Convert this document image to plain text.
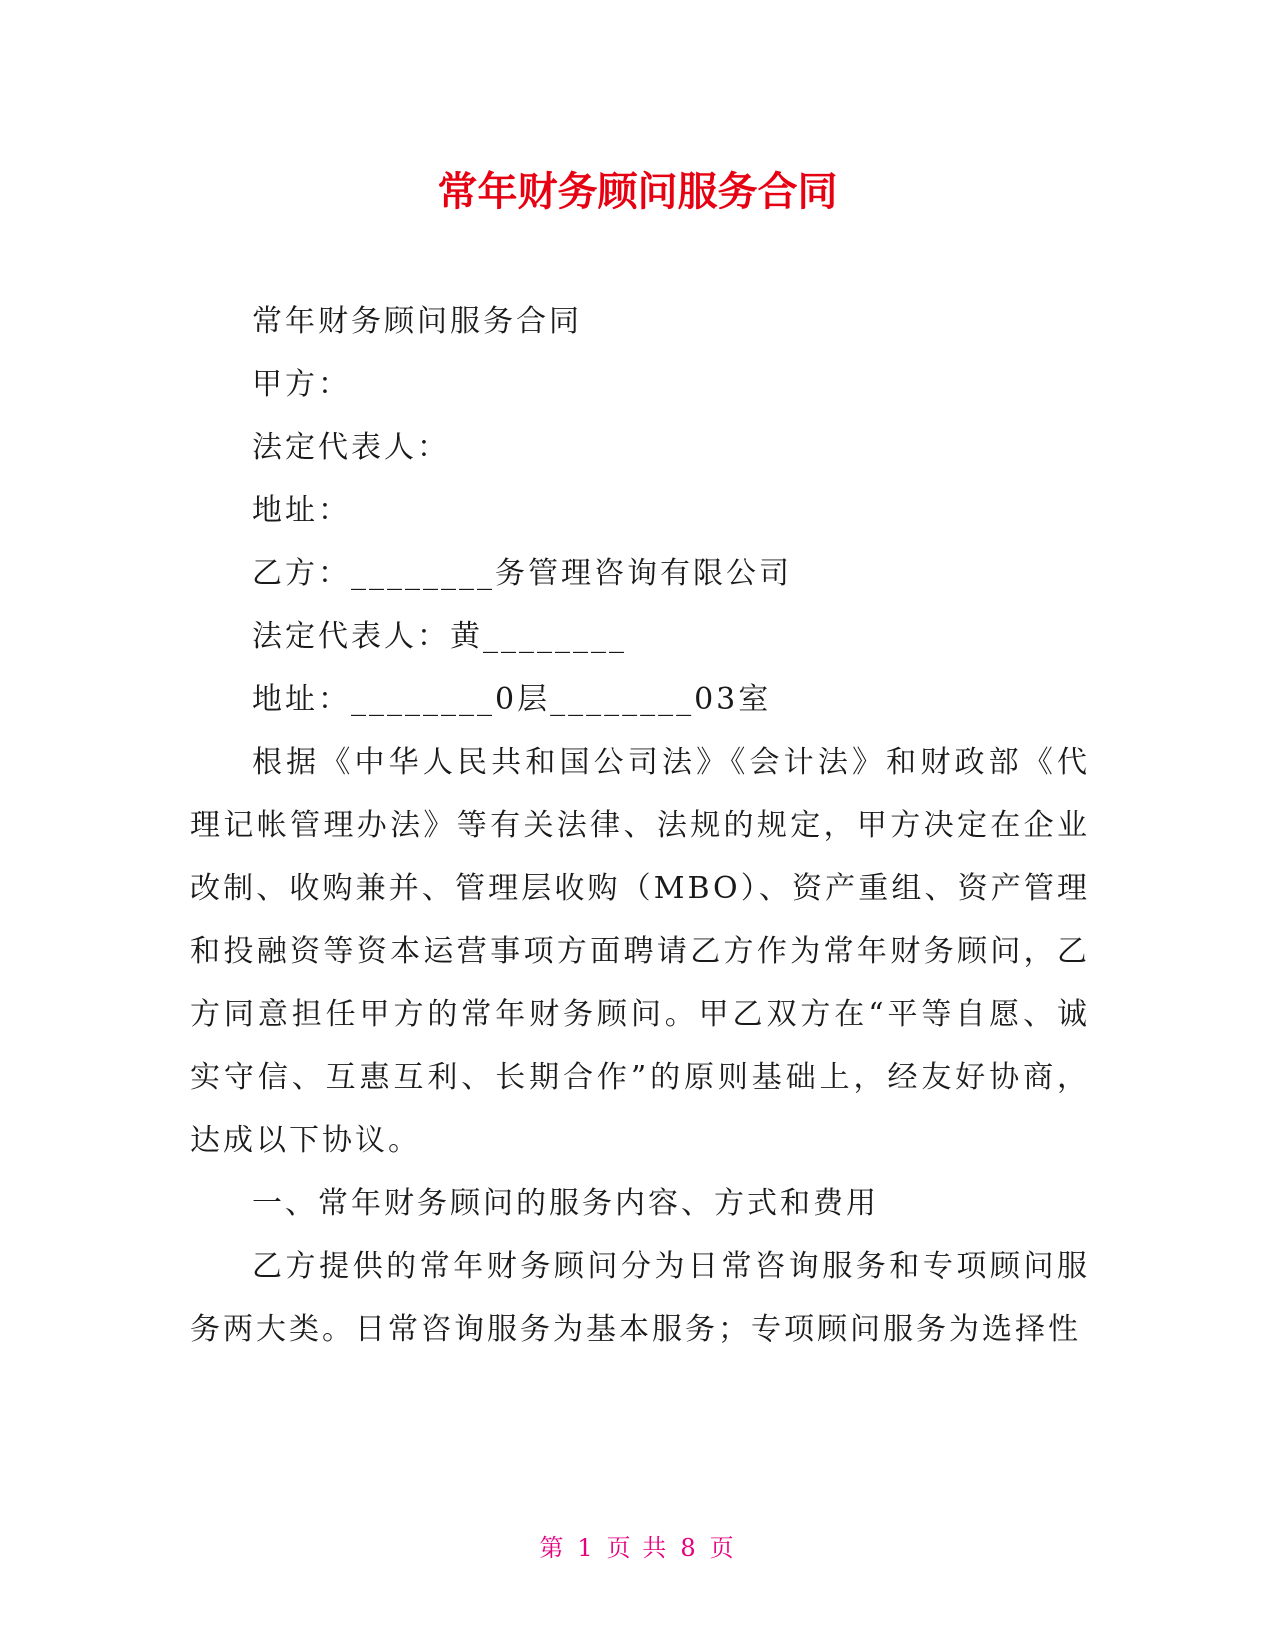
常年财务顾问服务合同

常年财务顾问服务合同

甲方：

法定代表人：

地址：

乙方：________务管理咨询有限公司

法定代表人：黄________

地址：________0层________03室

根据《中华人民共和国公司法》《会计法》和财政部《代理记帐管理办法》等有关法律、法规的规定，甲方决定在企业改制、收购兼并、管理层收购（MBO）、资产重组、资产管理和投融资等资本运营事项方面聘请乙方作为常年财务顾问，乙方同意担任甲方的常年财务顾问。甲乙双方在“平等自愿、诚实守信、互惠互利、长期合作”的原则基础上，经友好协商，达成以下协议。

一、常年财务顾问的服务内容、方式和费用

乙方提供的常年财务顾问分为日常咨询服务和专项顾问服务两大类。日常咨询服务为基本服务；专项顾问服务为选择性

第 1 页 共 8 页
